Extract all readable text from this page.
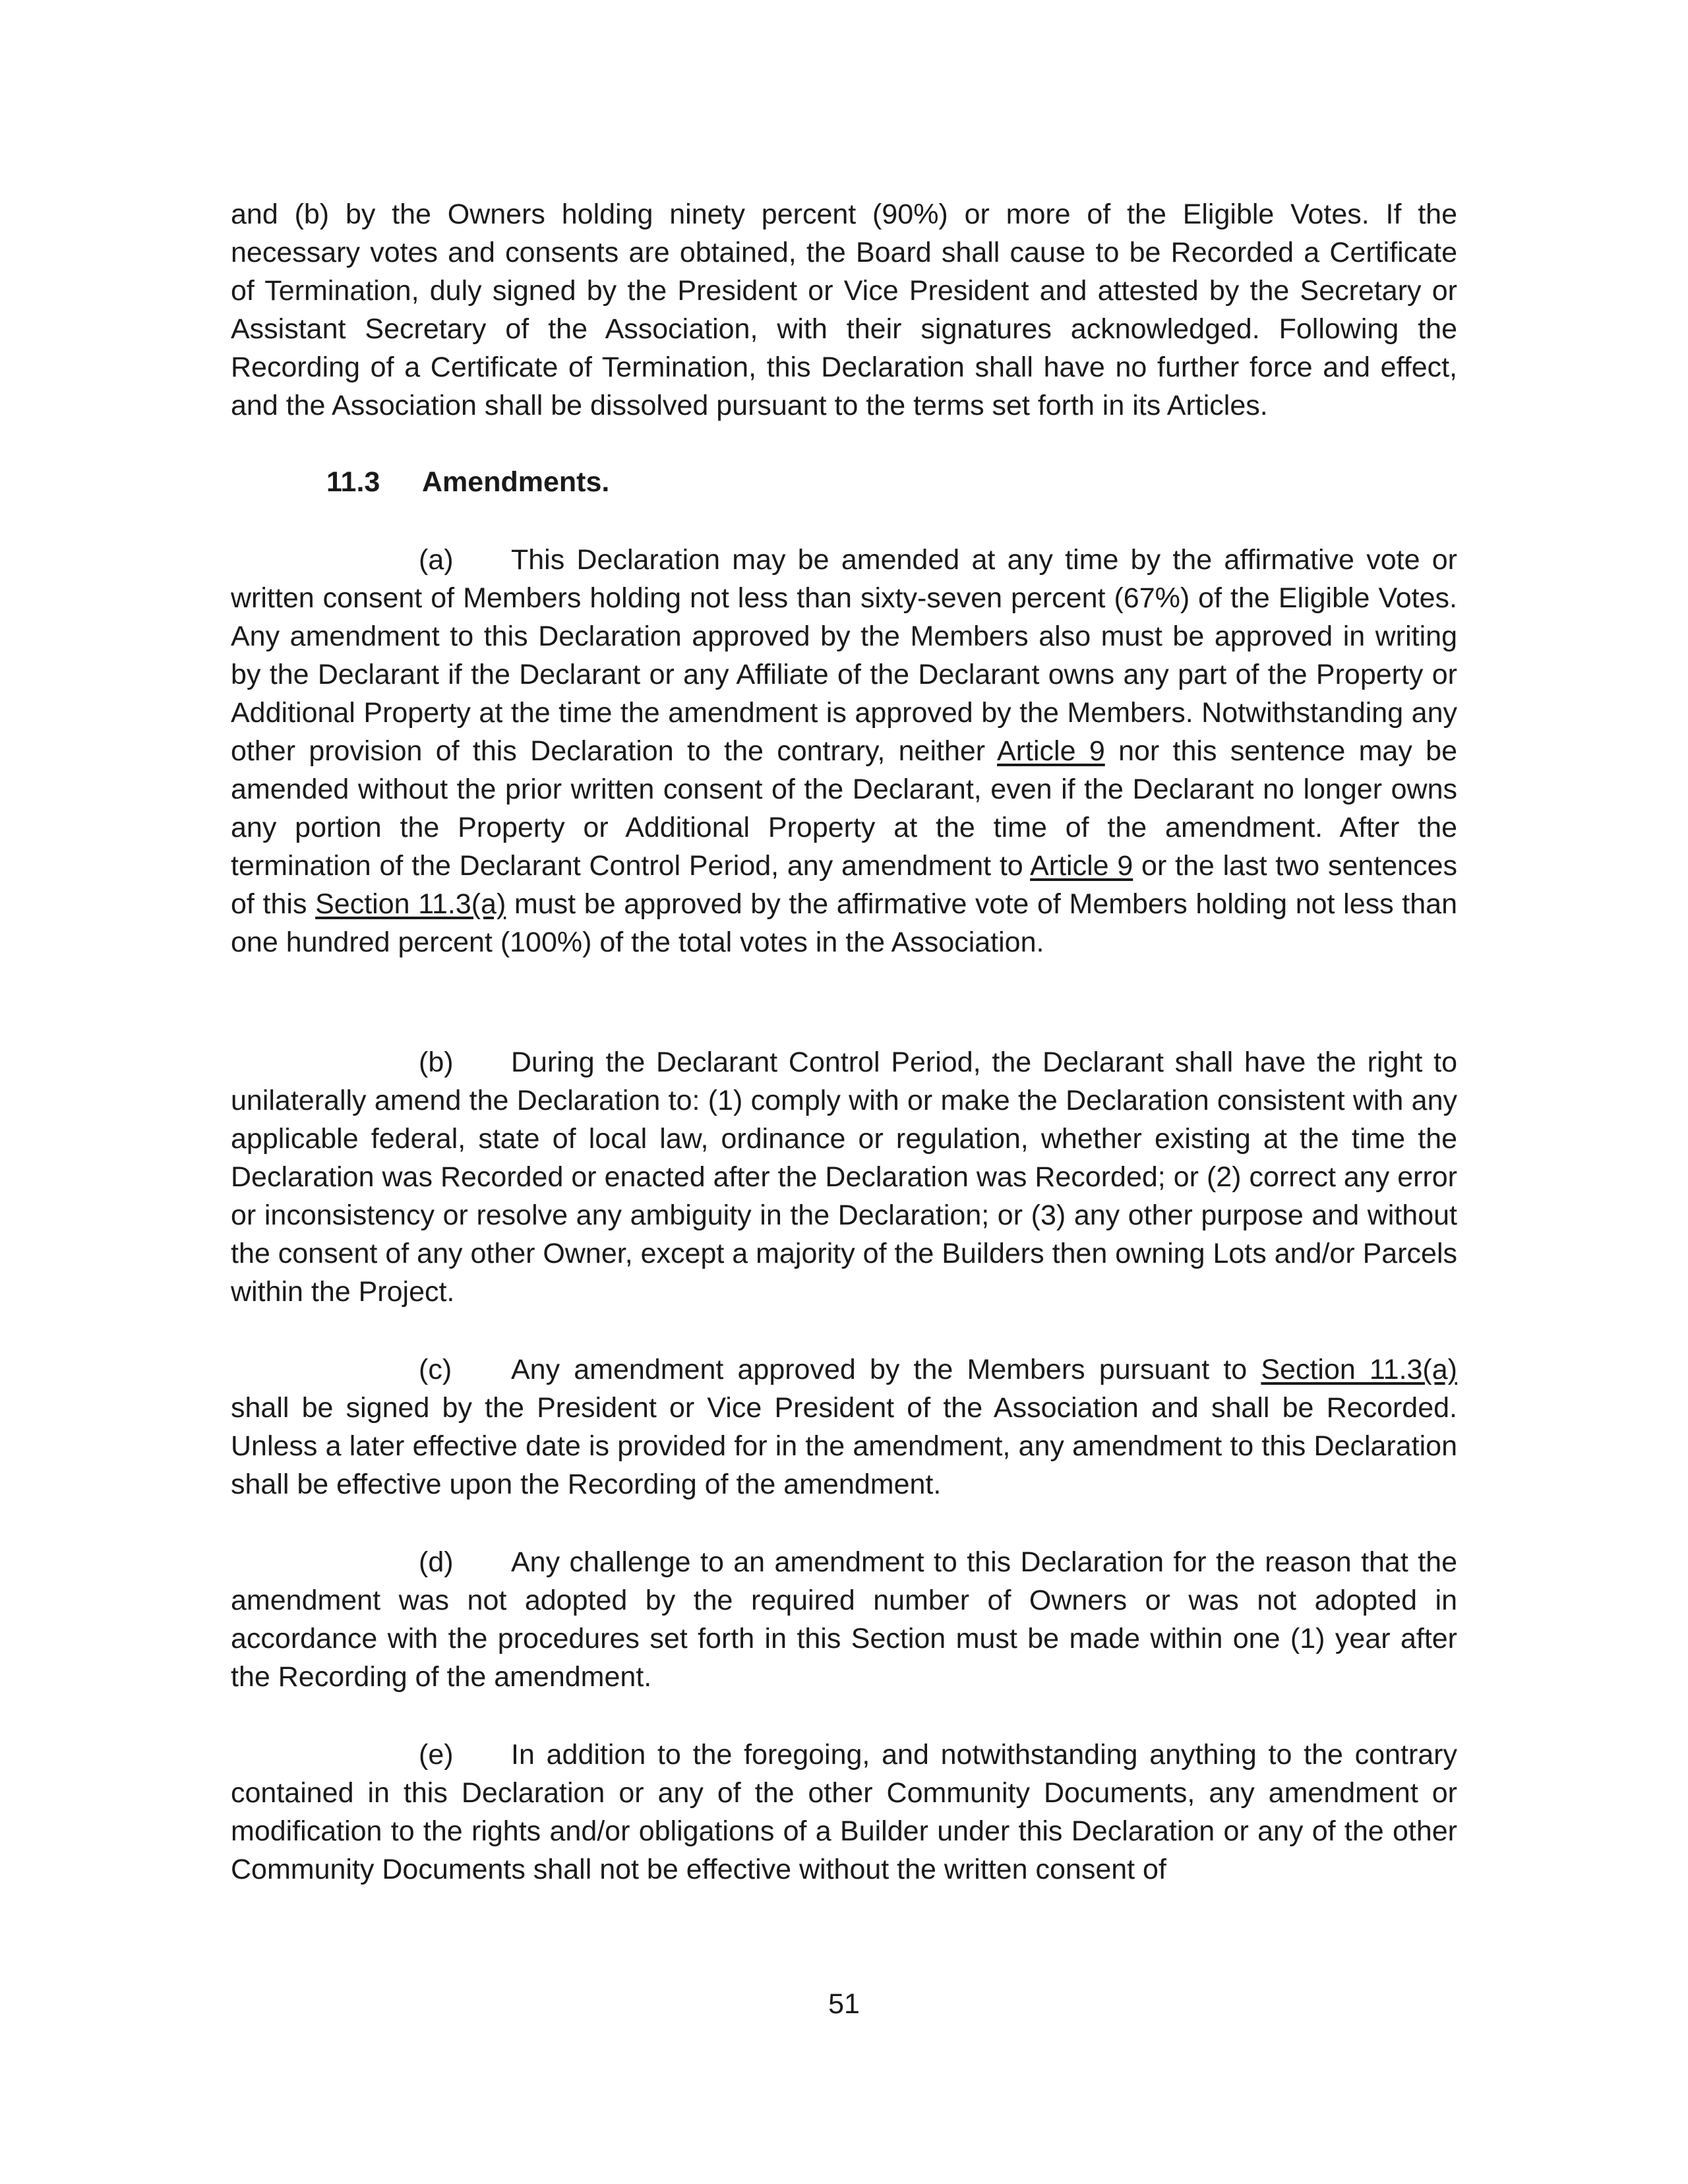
and (b) by the Owners holding ninety percent (90%) or more of the Eligible Votes. If the necessary votes and consents are obtained, the Board shall cause to be Recorded a Certificate of Termination, duly signed by the President or Vice President and attested by the Secretary or Assistant Secretary of the Association, with their signatures acknowledged. Following the Recording of a Certificate of Termination, this Declaration shall have no further force and effect, and the Association shall be dissolved pursuant to the terms set forth in its Articles.

11.3 Amendments.

(a) This Declaration may be amended at any time by the affirmative vote or written consent of Members holding not less than sixty-seven percent (67%) of the Eligible Votes. Any amendment to this Declaration approved by the Members also must be approved in writing by the Declarant if the Declarant or any Affiliate of the Declarant owns any part of the Property or Additional Property at the time the amendment is approved by the Members. Notwithstanding any other provision of this Declaration to the contrary, neither Article 9 nor this sentence may be amended without the prior written consent of the Declarant, even if the Declarant no longer owns any portion the Property or Additional Property at the time of the amendment. After the termination of the Declarant Control Period, any amendment to Article 9 or the last two sentences of this Section 11.3(a) must be approved by the affirmative vote of Members holding not less than one hundred percent (100%) of the total votes in the Association.

(b) During the Declarant Control Period, the Declarant shall have the right to unilaterally amend the Declaration to: (1) comply with or make the Declaration consistent with any applicable federal, state of local law, ordinance or regulation, whether existing at the time the Declaration was Recorded or enacted after the Declaration was Recorded; or (2) correct any error or inconsistency or resolve any ambiguity in the Declaration; or (3) any other purpose and without the consent of any other Owner, except a majority of the Builders then owning Lots and/or Parcels within the Project.

(c) Any amendment approved by the Members pursuant to Section 11.3(a) shall be signed by the President or Vice President of the Association and shall be Recorded. Unless a later effective date is provided for in the amendment, any amendment to this Declaration shall be effective upon the Recording of the amendment.

(d) Any challenge to an amendment to this Declaration for the reason that the amendment was not adopted by the required number of Owners or was not adopted in accordance with the procedures set forth in this Section must be made within one (1) year after the Recording of the amendment.

(e) In addition to the foregoing, and notwithstanding anything to the contrary contained in this Declaration or any of the other Community Documents, any amendment or modification to the rights and/or obligations of a Builder under this Declaration or any of the other Community Documents shall not be effective without the written consent of

51
